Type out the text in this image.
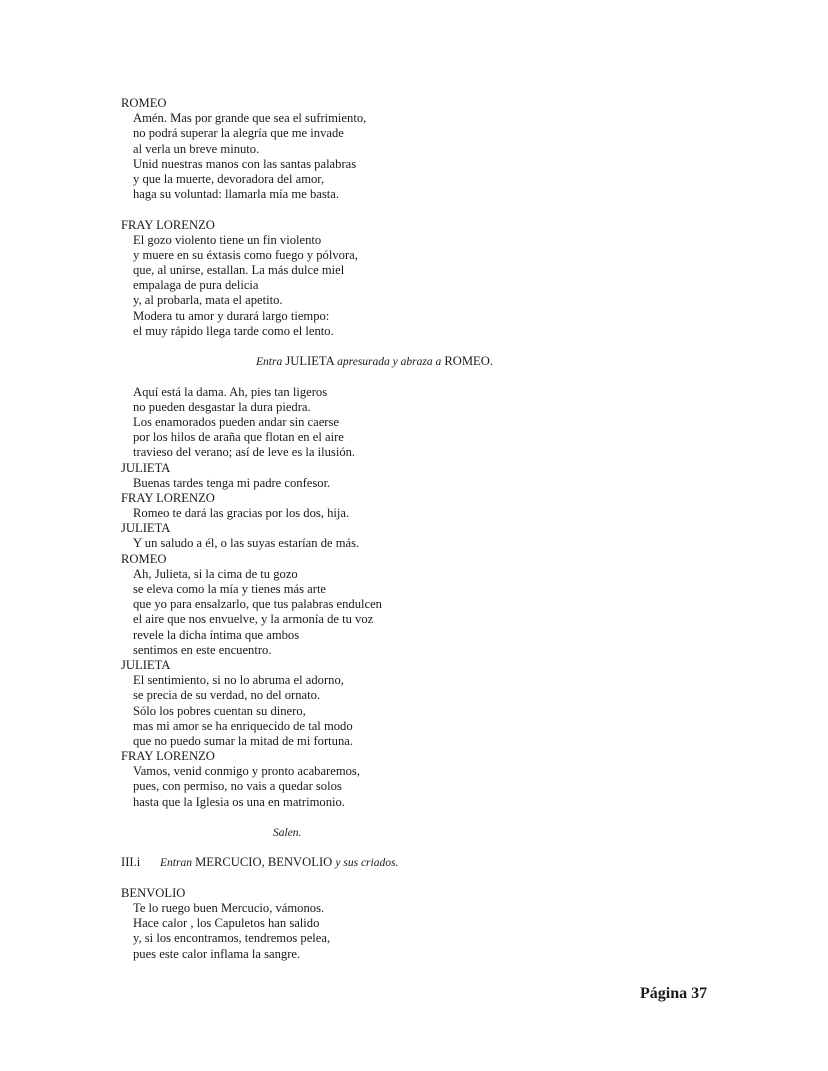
ROMEO
Amén. Mas por grande que sea el sufrimiento,
no podrá superar la alegría que me invade
al verla un breve minuto.
Unid nuestras manos con las santas palabras
y que la muerte, devoradora del amor,
haga su voluntad: llamarla mía me basta.
FRAY LORENZO
El gozo violento tiene un fin violento
y muere en su éxtasis como fuego y pólvora,
que, al unirse, estallan. La más dulce miel
empalaga de pura delicia
y, al probarla, mata el apetito.
Modera tu amor y durará largo tiempo:
el muy rápido llega tarde como el lento.
Entra JULIETA apresurada y abraza a ROMEO.
Aquí está la dama. Ah, pies tan ligeros
no pueden desgastar la dura piedra.
Los enamorados pueden andar sin caerse
por los hilos de araña que flotan en el aire
travieso del verano; así de leve es la ilusión.
JULIETA
Buenas tardes tenga mi padre confesor.
FRAY LORENZO
Romeo te dará las gracias por los dos, hija.
JULIETA
Y un saludo a él, o las suyas estarían de más.
ROMEO
Ah, Julieta, si la cima de tu gozo
se eleva como la mía y tienes más arte
que yo para ensalzarlo, que tus palabras endulcen
el aire que nos envuelve, y la armonía de tu voz
revele la dicha íntima que ambos
sentimos en este encuentro.
JULIETA
El sentimiento, si no lo abruma el adorno,
se precia de su verdad, no del ornato.
Sólo los pobres cuentan su dinero,
mas mi amor se ha enriquecido de tal modo
que no puedo sumar la mitad de mi fortuna.
FRAY LORENZO
Vamos, venid conmigo y pronto acabaremos,
pues, con permiso, no vais a quedar solos
hasta que la Iglesia os una en matrimonio.
Salen.
III.i Entran MERCUCIO, BENVOLIO y sus criados.
BENVOLIO
Te lo ruego buen Mercucio, vámonos.
Hace calor , los Capuletos han salido
y, si los encontramos, tendremos pelea,
pues este calor inflama la sangre.
Página 37
